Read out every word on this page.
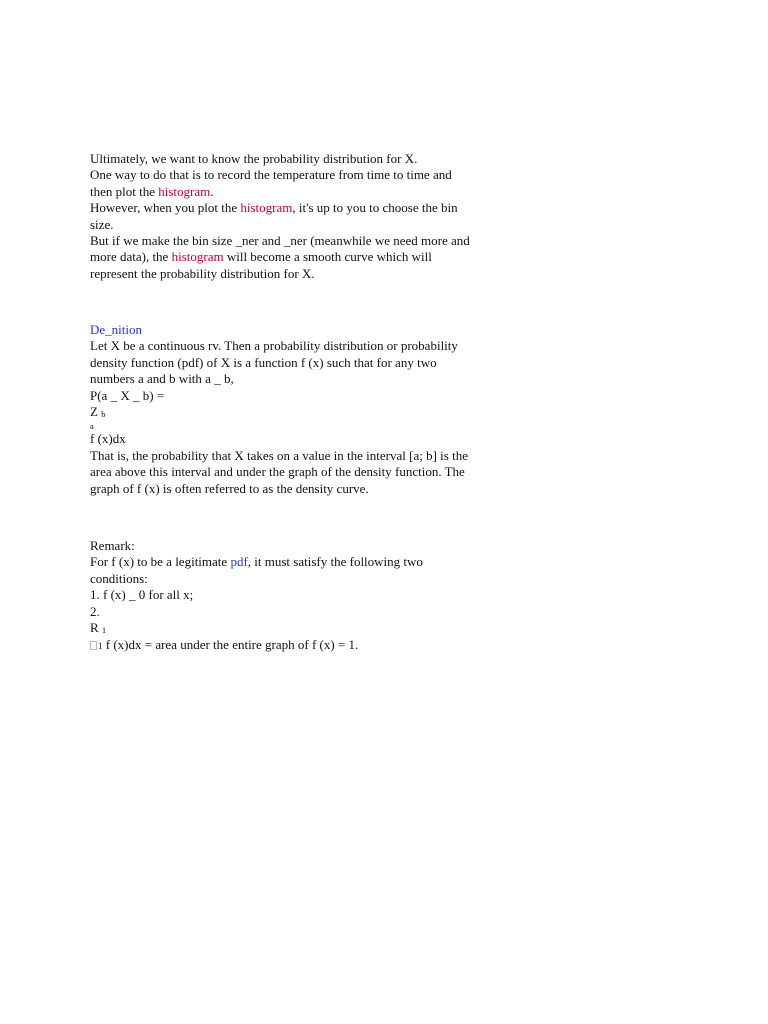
Ultimately, we want to know the probability distribution for X.
One way to do that is to record the temperature from time to time and
then plot the histogram.
However, when you plot the histogram, it's up to you to choose the bin
size.
But if we make the bin size _ner and _ner (meanwhile we need more and
more data), the histogram will become a smooth curve which will
represent the probability distribution for X.
De_nition
Let X be a continuous rv. Then a probability distribution or probability
density function (pdf) of X is a function f (x) such that for any two
numbers a and b with a _ b,
P(a _ X _ b) =
Z b
a
f (x)dx
That is, the probability that X takes on a value in the interval [a; b] is the
area above this interval and under the graph of the density function. The
graph of f (x) is often referred to as the density curve.
Remark:
For f (x) to be a legitimate pdf, it must satisfy the following two
conditions:
1. f (x) _ 0 for all x;
2.
R 1
1 f (x)dx = area under the entire graph of f (x) = 1.
